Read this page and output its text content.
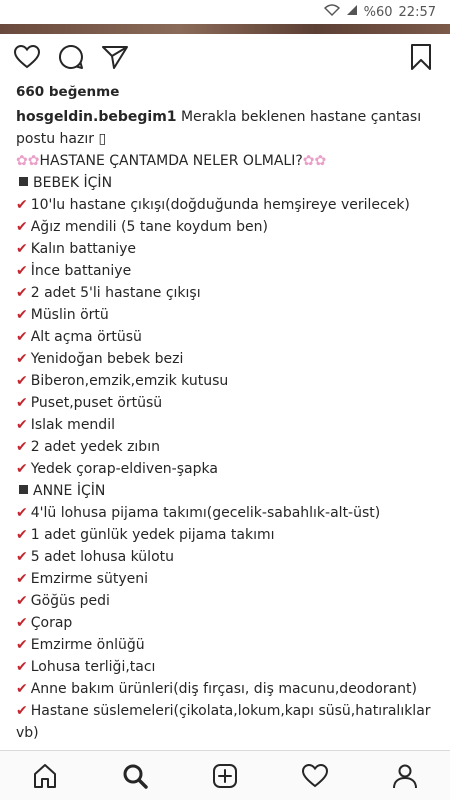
%60 22:57
660 beğenme
hosgeldin.bebegim1 Merakla beklenen hastane çantası
postu hazır ▯
✿✿HASTANE ÇANTAMDA NELER OLMALI?✿✿
BEBEK İÇİN
✔ 10'lu hastane çıkışı(doğduğunda hemşireye verilecek)
✔ Ağız mendili (5 tane koydum ben)
✔ Kalın battaniye
✔ İnce battaniye
✔ 2 adet 5'li hastane çıkışı
✔ Müslin örtü
✔ Alt açma örtüsü
✔ Yenidoğan bebek bezi
✔ Biberon,emzik,emzik kutusu
✔ Puset,puset örtüsü
✔ Islak mendil
✔ 2 adet yedek zıbın
✔ Yedek çorap-eldiven-şapka
ANNE İÇİN
✔ 4'lü lohusa pijama takımı(gecelik-sabahlık-alt-üst)
✔ 1 adet günlük yedek pijama takımı
✔ 5 adet lohusa külotu
✔ Emzirme sütyeni
✔ Göğüs pedi
✔ Çorap
✔ Emzirme önlüğü
✔ Lohusa terliği,tacı
✔ Anne bakım ürünleri(diş fırçası, diş macunu,deodorant)
✔ Hastane süslemeleri(çikolata,lokum,kapı süsü,hatıralıklar
vb)
